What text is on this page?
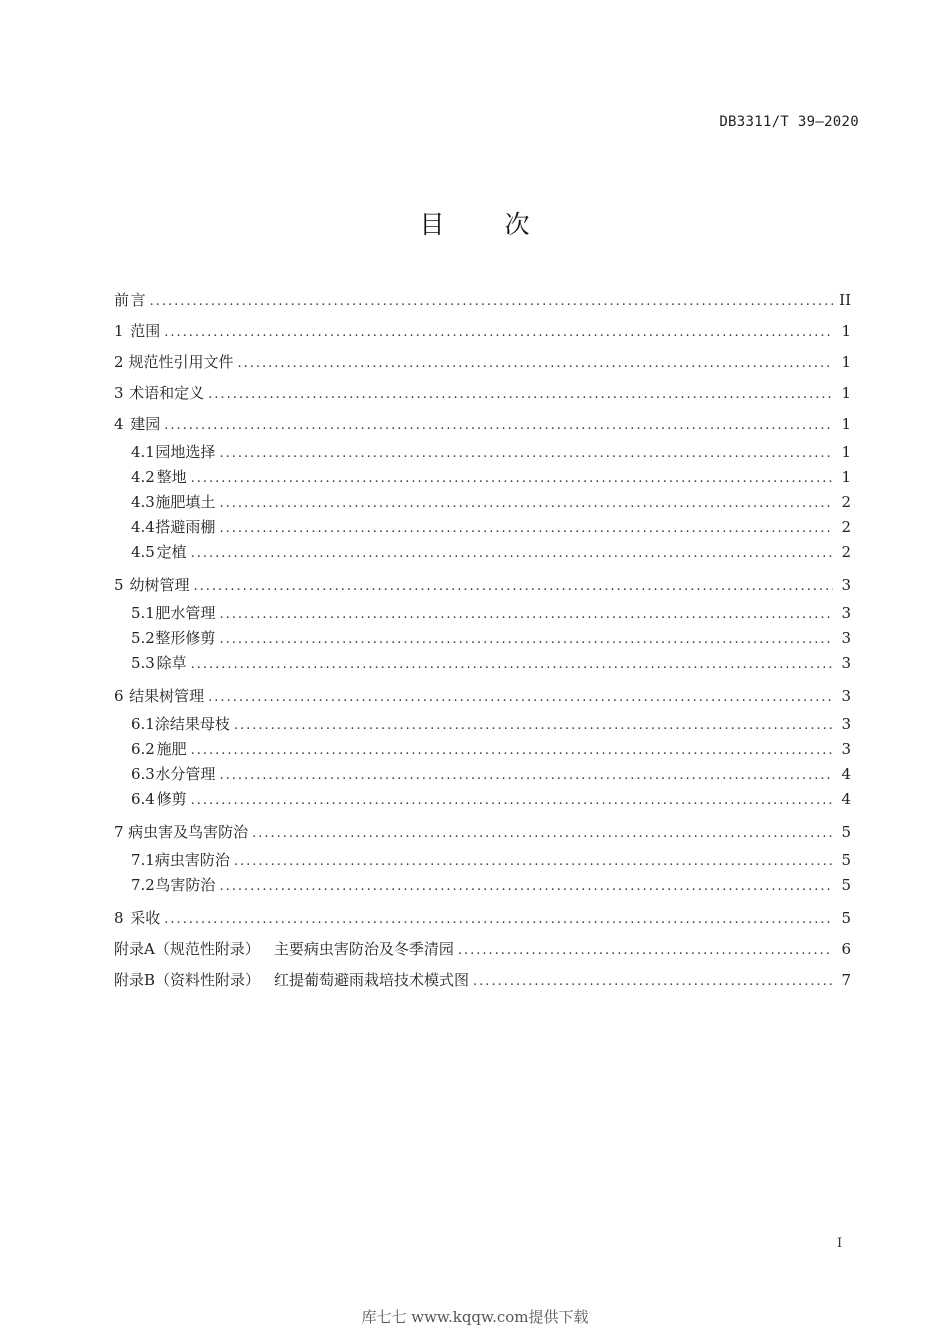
DB3311/T 39—2020
目 次
前 言 .....	II
1 范围 .....	1
2 规范性引用文件 .....	1
3 术语和定义 .....	1
4 建园 .....	1
4.1 园地选择 .....	1
4.2 整地 .....	1
4.3 施肥填土 .....	2
4.4 搭避雨棚 .....	2
4.5 定植 .....	2
5 幼树管理 .....	3
5.1 肥水管理 .....	3
5.2 整形修剪 .....	3
5.3 除草 .....	3
6 结果树管理 .....	3
6.1 涂结果母枝 .....	3
6.2 施肥 .....	3
6.3 水分管理 .....	4
6.4 修剪 .....	4
7 病虫害及鸟害防治 .....	5
7.1 病虫害防治 .....	5
7.2 鸟害防治 .....	5
8 采收 .....	5
附录A（规范性附录） 主要病虫害防治及冬季清园 .....	6
附录B（资料性附录） 红提葡萄避雨栽培技术模式图 .....	7
I
库七七 www.kqqw.com提供下载
